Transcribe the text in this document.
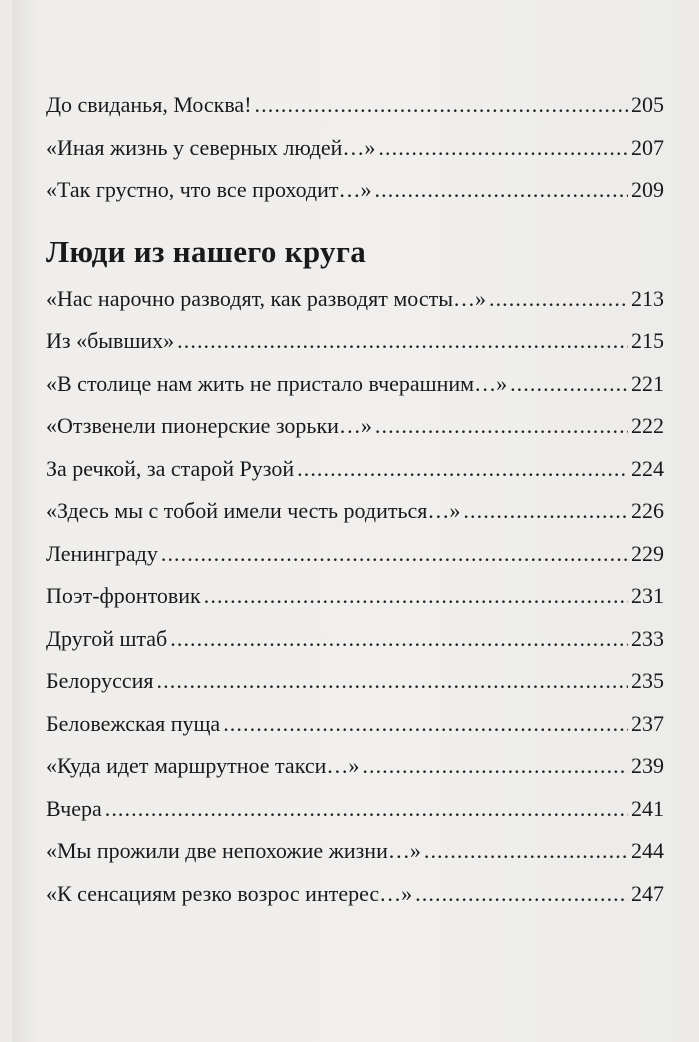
До свиданья, Москва! . . .	205
«Иная жизнь у северных людей…» . . .	207
«Так грустно, что все проходит…» . . .	209
Люди из нашего круга
«Нас нарочно разводят, как разводят мосты…» . . .	213
Из «бывших» . . .	215
«В столице нам жить не пристало вчерашним…» . . .	221
«Отзвенели пионерские зорьки…» . . .	222
За речкой, за старой Рузой . . .	224
«Здесь мы с тобой имели честь родиться…» . . .	226
Ленинграду . . .	229
Поэт-фронтовик . . .	231
Другой штаб . . .	233
Белоруссия . . .	235
Беловежская пуща . . .	237
«Куда идет маршрутное такси…» . . .	239
Вчера . . .	241
«Мы прожили две непохожие жизни…» . . .	244
«К сенсациям резко возрос интерес…» . . .	247
